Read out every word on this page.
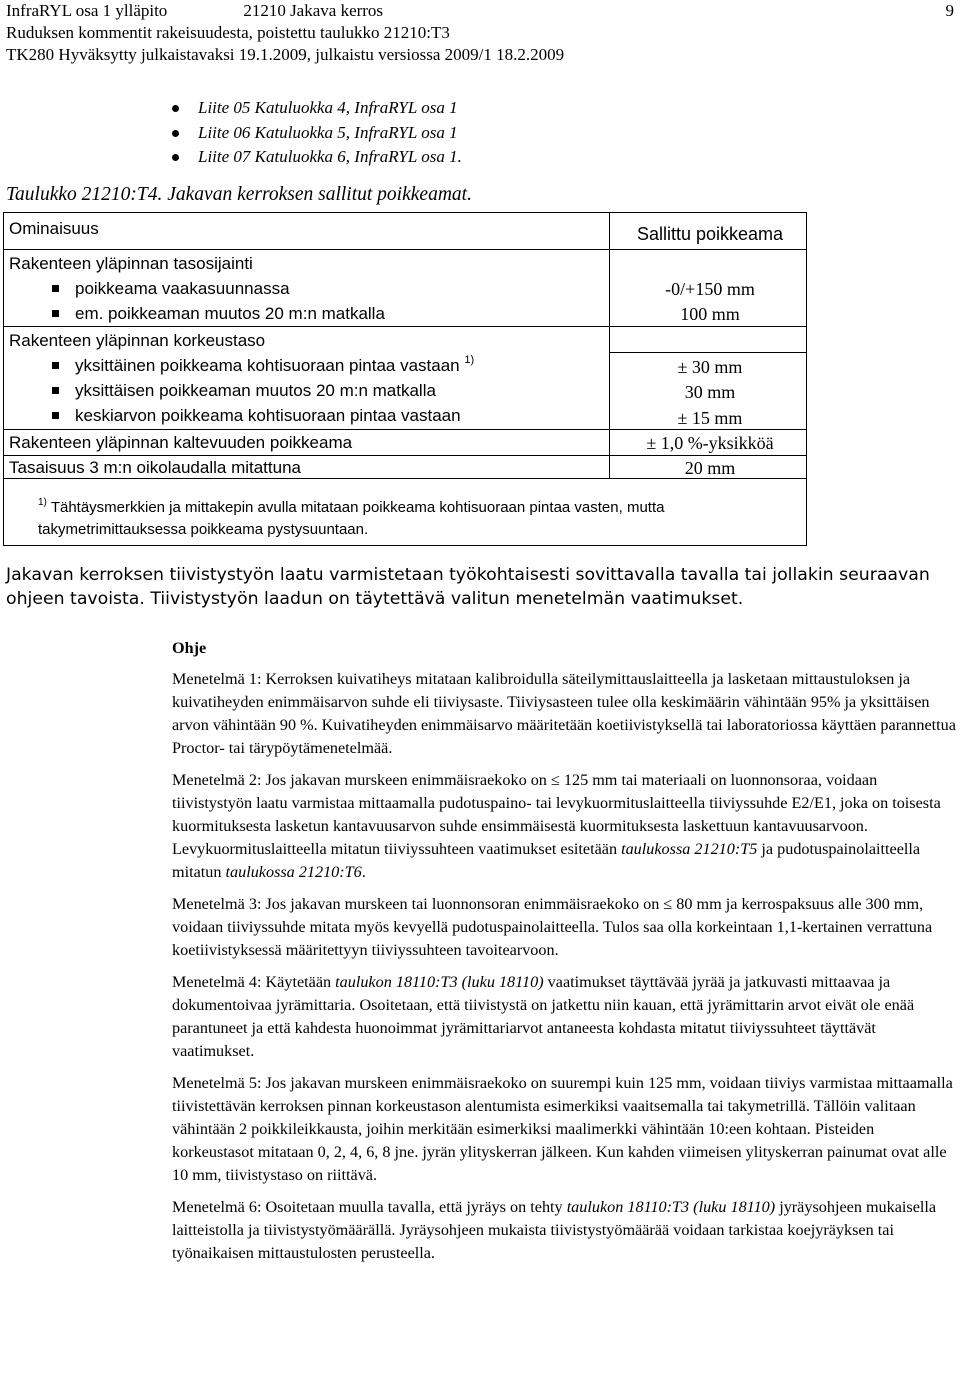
InfraRYL osa 1 ylläpito	21210 Jakava kerros
Ruduksen kommentit rakeisuudesta, poistettu taulukko 21210:T3
TK280 Hyväksytty julkaistavaksi 19.1.2009, julkaistu versiossa 2009/1 18.2.2009
9
Liite 05 Katuluokka 4, InfraRYL osa 1
Liite 06 Katuluokka 5, InfraRYL osa 1
Liite 07 Katuluokka 6, InfraRYL osa 1.
Taulukko 21210:T4. Jakavan kerroksen sallitut poikkeamat.
Ominaisuus	Sallittu poikkeama
Rakenteen yläpinnan tasosijainti
poikkeama vaakasuunnassa	-0/+150 mm
em. poikkeaman muutos 20 m:n matkalla	100 mm
Rakenteen yläpinnan korkeustaso
yksittäinen poikkeama kohtisuoraan pintaa vastaan $^{1)}$	± 30 mm
yksittäisen poikkeaman muutos 20 m:n matkalla	30 mm
keskiarvon poikkeama kohtisuoraan pintaa vastaan	± 15 mm
Rakenteen yläpinnan kaltevuuden poikkeama	± 1,0 %-yksikköä
Tasaisuus 3 m:n oikolaudalla mitattuna	20 mm
$^{1)}$ Tähtäysmerkkien ja mittakepin avulla mitataan poikkeama kohtisuoraan pintaa vasten, mutta takymetrimittauksessa poikkeama pystysuuntaan.
Jakavan kerroksen tiivistystyön laatu varmistetaan työkohtaisesti sovittavalla tavalla tai jollakin seuraavan ohjeen tavoista. Tiivistystyön laadun on täytettävä valitun menetelmän vaatimukset.
Ohje

Menetelmä 1: Kerroksen kuivatiheys mitataan kalibroidulla säteilymittauslaitteella ja lasketaan mittaustuloksen ja kuivatiheyden enimmäisarvon suhde eli tiiviysaste. Tiiviysasteen tulee olla keskimäärin vähintään 95% ja yksittäisen arvon vähintään 90 %. Kuivatiheyden enimmäisarvo määritetään koetiivistyksellä tai laboratoriossa käyttäen parannettua Proctor- tai tärypöytämenetelmää.

Menetelmä 2: Jos jakavan murskeen enimmäisraekoko on ≤ 125 mm tai materiaali on luonnonsoraa, voidaan tiivistystyön laatu varmistaa mittaamalla pudotuspaino- tai levykuormituslaitteella tiiviyssuhde E2/E1, joka on toisesta kuormituksesta lasketun kantavuusarvon suhde ensimmäisestä kuormituksesta laskettuun kantavuusarvoon. Levykuormituslaitteella mitatun tiiviyssuhteen vaatimukset esitetään taulukossa 21210:T5 ja pudotuspainolaitteella mitatun taulukossa 21210:T6.

Menetelmä 3: Jos jakavan murskeen tai luonnonsoran enimmäisraekoko on ≤ 80 mm ja kerrospaksuus alle 300 mm, voidaan tiiviyssuhde mitata myös kevyellä pudotuspainolaitteella. Tulos saa olla korkeintaan 1,1-kertainen verrattuna koetiivistyksessä määritettyyn tiiviyssuhteen tavoitearvoon.

Menetelmä 4: Käytetään taulukon 18110:T3 (luku 18110) vaatimukset täyttävää jyrää ja jatkuvasti mittaavaa ja dokumentoivaa jyrämittaria. Osoitetaan, että tiivistystä on jatkettu niin kauan, että jyrämittarin arvot eivät ole enää parantuneet ja että kahdesta huonoimmat jyrämittariarvot antaneesta kohdasta mitatut tiiviyssuhteet täyttävät vaatimukset.

Menetelmä 5: Jos jakavan murskeen enimmäisraekoko on suurempi kuin 125 mm, voidaan tiiviys varmistaa mittaamalla tiivistettävän kerroksen pinnan korkeustason alentumista esimerkiksi vaaitsemalla tai takymetrillä. Tällöin valitaan vähintään 2 poikkileikkausta, joihin merkitään esimerkiksi maalimerkki vähintään 10:een kohtaan. Pisteiden korkeustasot mitataan 0, 2, 4, 6, 8 jne. jyrän ylityskerran jälkeen. Kun kahden viimeisen ylityskerran painumat ovat alle 10 mm, tiivistystaso on riittävä.

Menetelmä 6: Osoitetaan muulla tavalla, että jyräys on tehty taulukon 18110:T3 (luku 18110) jyräysohjeen mukaisella laitteistolla ja tiivistystyömäärällä. Jyräysohjeen mukaista tiivistystyömäärää voidaan tarkistaa koejyräyksen tai työnaikaisen mittaustulosten perusteella.
